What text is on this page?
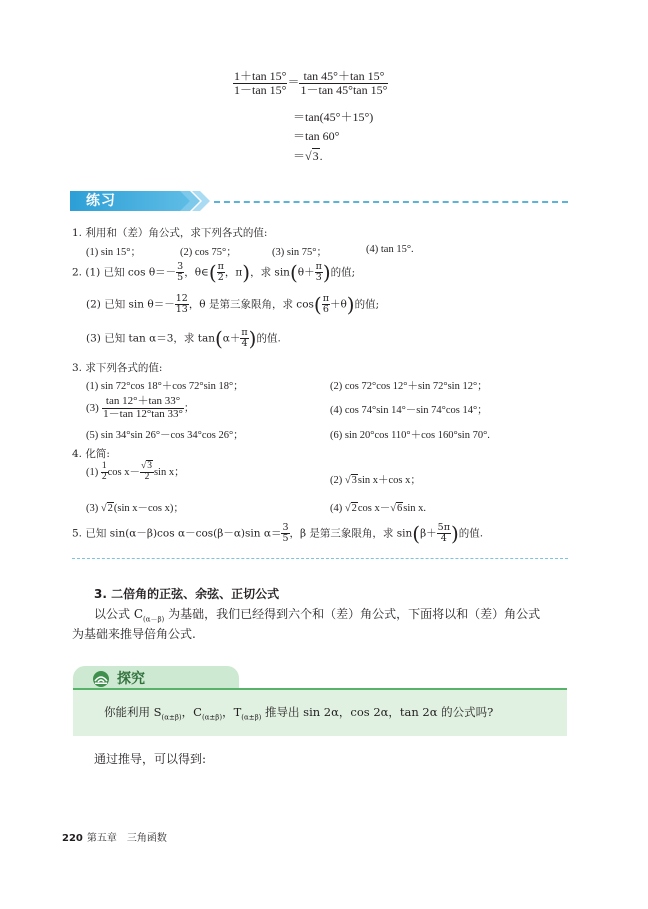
$\frac{1+\tan 15^\circ}{1-\tan 15^\circ} = \frac{\tan 45^\circ+\tan 15^\circ}{1-\tan 45^\circ\tan 15^\circ}$
＝tan(45°＋15°)
＝tan 60°
＝√3.
练习
1. 利用和（差）角公式，求下列各式的值:
(1) sin 15°；	(2) cos 75°；	(3) sin 75°；	(4) tan 15°.
2. (1) 已知 $\cos \theta=- \frac{3}{5}$ ，θ∈( $\frac{\pi}{2}$ ，π)，求 $\sin(\theta+ \frac{\pi}{3}$ )的值;
(2) 已知 $\sin \theta=- \frac{12}{13}$ ，θ 是第三象限角，求 $\cos( \frac{\pi}{6} +\theta)$的值;
(3) 已知 tan α＝3，求 $\tan(\alpha+ \frac{\pi}{4}$ )的值.
3. 求下列各式的值:
(1) sin 72°cos 18°＋cos 72°sin 18°；	(2) cos 72°cos 12°＋sin 72°sin 12°；
$(3) \frac{\tan 12^\circ+\tan 33^\circ}{1-\tan 12^\circ\tan 33^\circ}$ ；	(4) cos 74°sin 14°－sin 74°cos 14°；
(5) sin 34°sin 26°－cos 34°cos 26°；	(6) sin 20°cos 110°＋cos 160°sin 70°.
4. 化简:
$(1) \frac{1}{2}$ $\cos x- \frac{√3}{2}$ sin x；
(2) √3sin x＋cos x；
(3) √2(sin x－cos x)；	(4) √2cos x－√6sin x.
5. 已知 sin(α－β)cos α－cos(β－α)sin $\alpha= \frac{3}{5}$ ，β 是第三象限角，求 $\sin(\beta+ \frac{5\pi}{4}$ )的值.
3. 二倍角的正弦、余弦、正切公式
以公式 $C_{(\alpha-\beta)}$ 为基础，我们已经得到六个和（差）角公式，下面将以和（差）角公式
为基础来推导倍角公式.
探究
你能利用 $S_{(\alpha\pm\beta)}$，$C_{(\alpha\pm\beta)}$，$T_{(\alpha\pm\beta)}$ 推导出 sin 2α，cos 2α，tan 2α 的公式吗?
通过推导，可以得到:
220 第五章　三角函数
